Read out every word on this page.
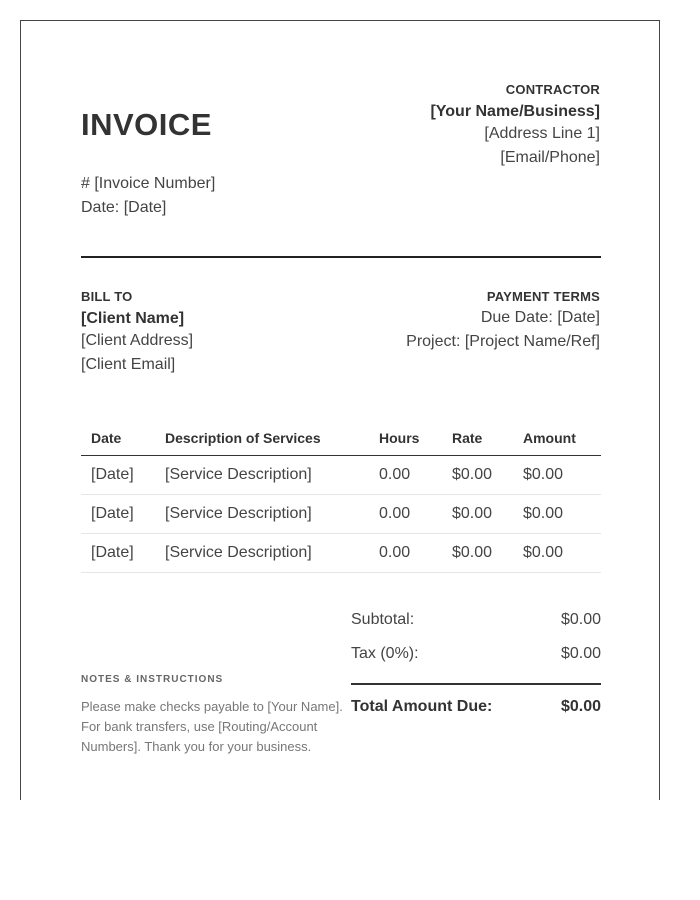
INVOICE
# [Invoice Number]
Date: [Date]
CONTRACTOR
[Your Name/Business]
[Address Line 1]
[Email/Phone]
BILL TO
[Client Name]
[Client Address]
[Client Email]
PAYMENT TERMS
Due Date: [Date]
Project: [Project Name/Ref]
Date	Description of Services	Hours	Rate	Amount
[Date]	[Service Description]	0.00	$0.00	$0.00
[Date]	[Service Description]	0.00	$0.00	$0.00
[Date]	[Service Description]	0.00	$0.00	$0.00
NOTES & INSTRUCTIONS
Please make checks payable to [Your Name]. For bank transfers, use [Routing/Account Numbers]. Thank you for your business.
Subtotal:	$0.00
Tax (0%):	$0.00
Total Amount Due:	$0.00
